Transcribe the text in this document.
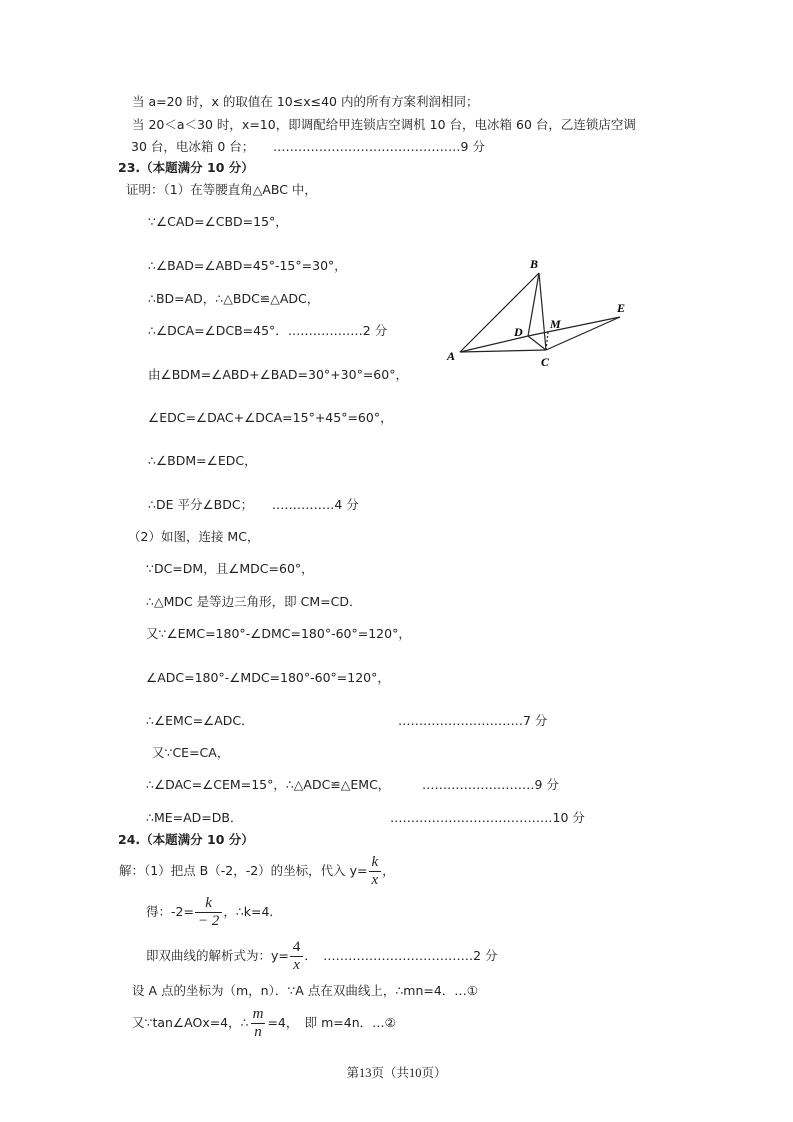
当 a=20 时，x 的取值在 10≤x≤40 内的所有方案利润相同；
当 20＜a＜30 时，x=10，即调配给甲连锁店空调机 10 台，电冰箱 60 台，乙连锁店空调
30 台，电冰箱 0 台；　　………………………………………9 分
23.（本题满分 10 分）
证明：（1）在等腰直角△ABC 中，
∵∠CAD=∠CBD=15°，
∴∠BAD=∠ABD=45°-15°=30°，
∴BD=AD，∴△BDC≌△ADC，
∴∠DCA=∠DCB=45°．………………2 分
由∠BDM=∠ABD+∠BAD=30°+30°=60°，
∠EDC=∠DAC+∠DCA=15°+45°=60°，
∴∠BDM=∠EDC，
∴DE 平分∠BDC；　　……………4 分
（2）如图，连接 MC，
∵DC=DM，且∠MDC=60°，
∴△MDC 是等边三角形，即 CM=CD．
又∵∠EMC=180°-∠DMC=180°-60°=120°，
∠ADC=180°-∠MDC=180°-60°=120°，
∴∠EMC=∠ADC．	…………………………7 分
又∵CE=CA，
∴∠DAC=∠CEM=15°，∴△ADC≌△EMC，	………………………9 分
∴ME=AD=DB．	…………………………………10 分
B
D
M
E
A	C
24.（本题满分 10 分）
解：（1）把点 B（-2，-2）的坐标，代入 $y= \frac{k}{x}$ ，
得：$-2= \frac{k}{- 2}$ ，∴k=4．
即双曲线的解析式为：$y= \frac{4}{x}$ ．　………………………………2 分
设 A 点的坐标为（m，n）．∵A 点在双曲线上，∴mn=4．…①
又∵tan∠AOx=4，∴ $\frac{m}{n} =4$，　即 m=4n．…②
第13页（共10页）
